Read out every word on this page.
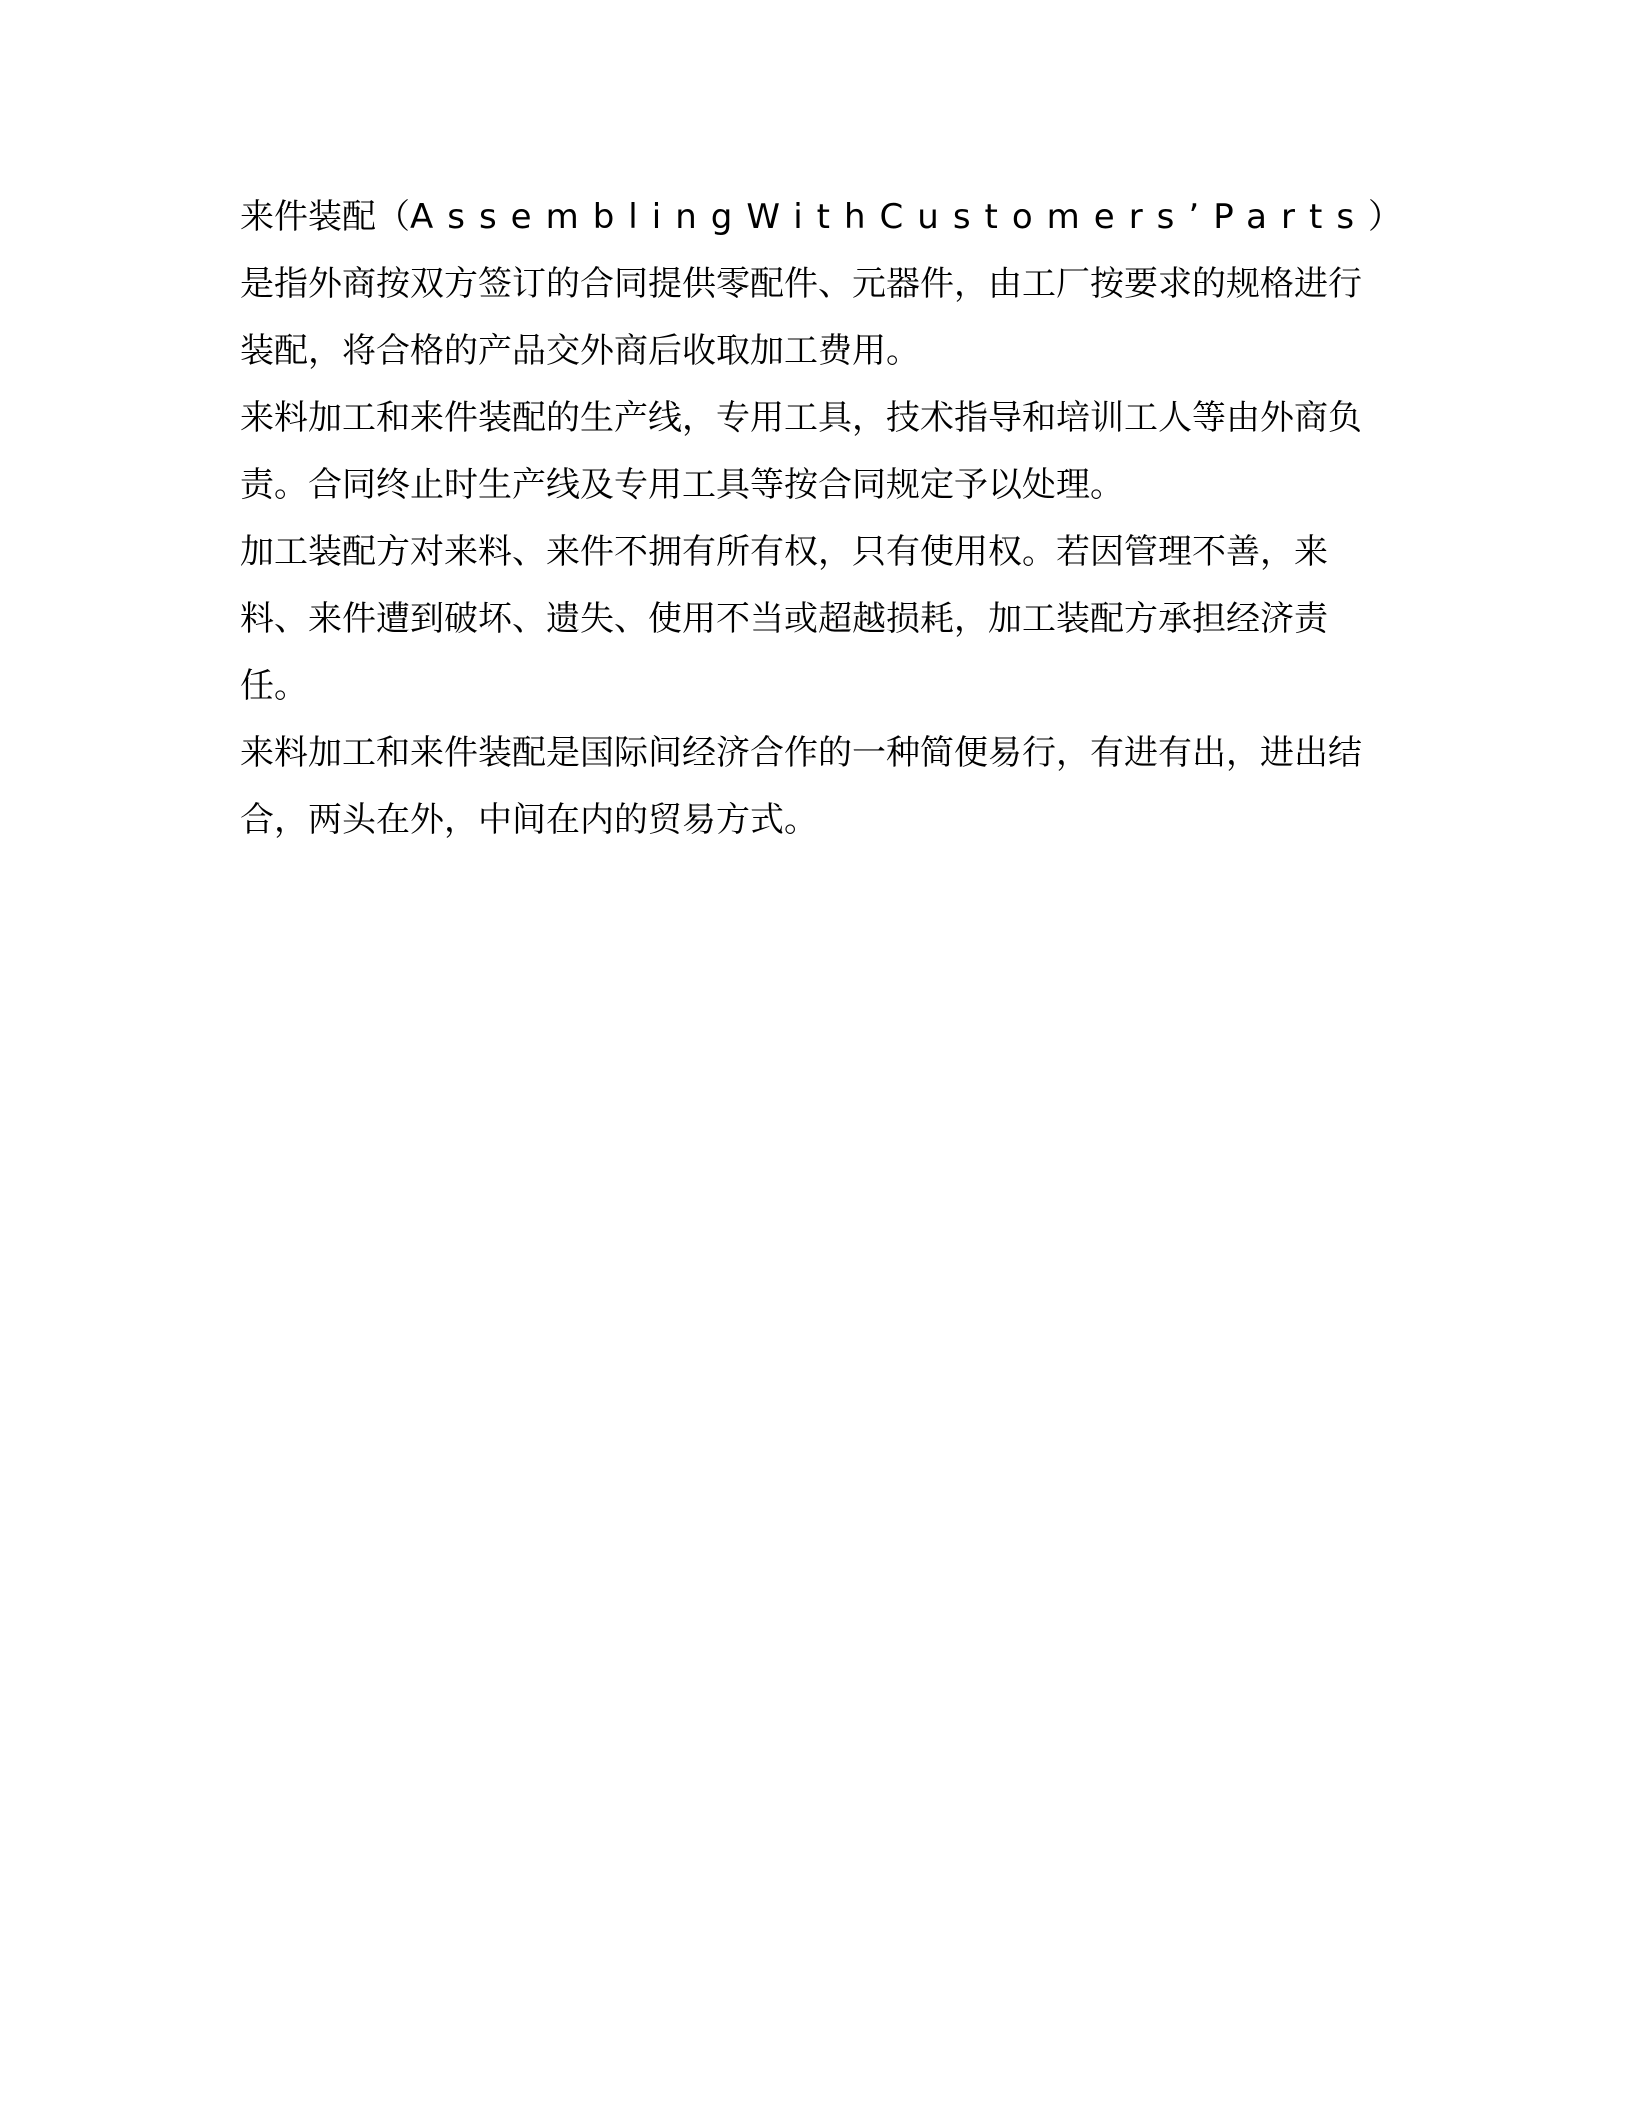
来件装配（AssemblingWithCustomers’Parts）是指外商按双方签订的合同提供零配件、元器件，由工厂按要求的规格进行装配，将合格的产品交外商后收取加工费用。

来料加工和来件装配的生产线，专用工具，技术指导和培训工人等由外商负责。合同终止时生产线及专用工具等按合同规定予以处理。

加工装配方对来料、来件不拥有所有权，只有使用权。若因管理不善，来料、来件遭到破坏、遗失、使用不当或超越损耗，加工装配方承担经济责任。

来料加工和来件装配是国际间经济合作的一种简便易行，有进有出，进出结合，两头在外，中间在内的贸易方式。
